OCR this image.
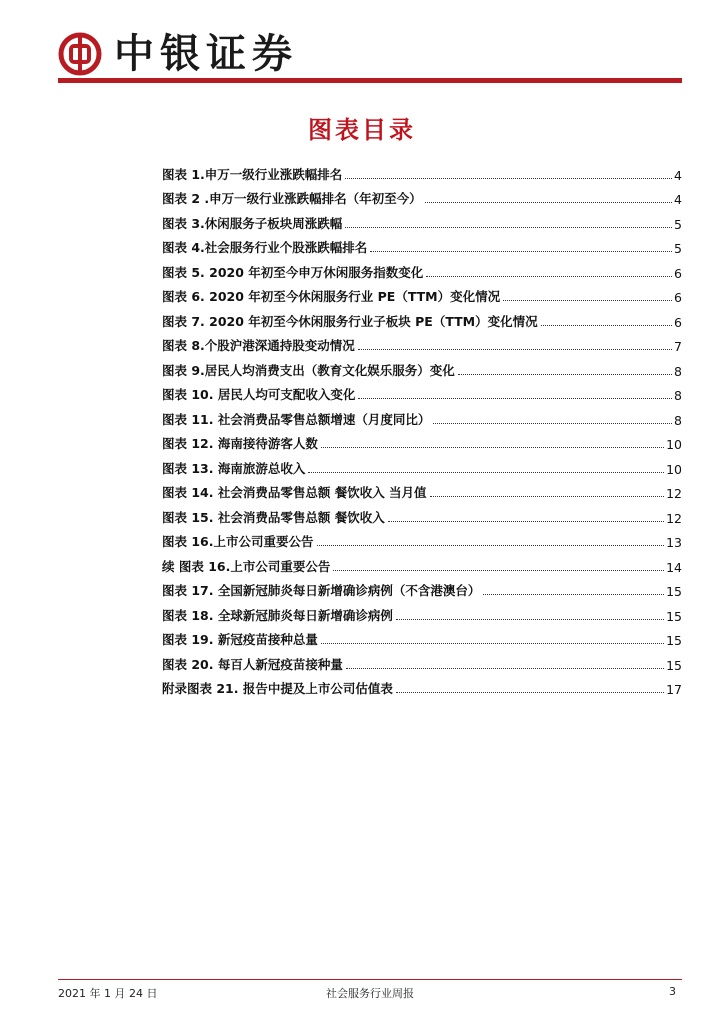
中银证券
图表目录
图表 1.申万一级行业涨跌幅排名	4
图表 2 .申万一级行业涨跌幅排名（年初至今）	4
图表 3.休闲服务子板块周涨跌幅	5
图表 4.社会服务行业个股涨跌幅排名	5
图表 5. 2020 年初至今申万休闲服务指数变化	6
图表 6. 2020 年初至今休闲服务行业 PE（TTM）变化情况	6
图表 7. 2020 年初至今休闲服务行业子板块 PE（TTM）变化情况	6
图表 8.个股沪港深通持股变动情况	7
图表 9.居民人均消费支出（教育文化娱乐服务）变化	8
图表 10. 居民人均可支配收入变化	8
图表 11. 社会消费品零售总额增速（月度同比）	8
图表 12. 海南接待游客人数	10
图表 13. 海南旅游总收入	10
图表 14. 社会消费品零售总额 餐饮收入 当月值	12
图表 15. 社会消费品零售总额 餐饮收入	12
图表 16.上市公司重要公告	13
续 图表 16.上市公司重要公告	14
图表 17. 全国新冠肺炎每日新增确诊病例（不含港澳台）	15
图表 18. 全球新冠肺炎每日新增确诊病例	15
图表 19. 新冠疫苗接种总量	15
图表 20. 每百人新冠疫苗接种量	15
附录图表 21. 报告中提及上市公司估值表	17
2021 年 1 月 24 日	社会服务行业周报	3
